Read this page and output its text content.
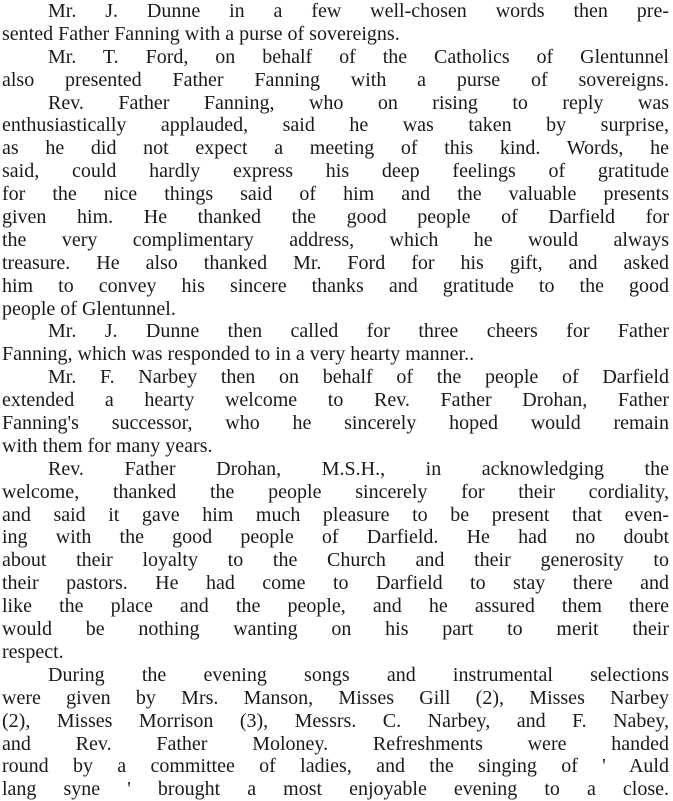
Mr. J. Dunne in a few well-chosen words then pre-
sented Father Fanning with a purse of sovereigns.
Mr. T. Ford, on behalf of the Catholics of Glentunnel
also presented Father Fanning with a purse of sovereigns.
Rev. Father Fanning, who on rising to reply was
enthusiastically applauded, said he was taken by surprise,
as he did not expect a meeting of this kind. Words, he
said, could hardly express his deep feelings of gratitude
for the nice things said of him and the valuable presents
given him. He thanked the good people of Darfield for
the very complimentary address, which he would always
treasure. He also thanked Mr. Ford for his gift, and asked
him to convey his sincere thanks and gratitude to the good
people of Glentunnel.
Mr. J. Dunne then called for three cheers for Father
Fanning, which was responded to in a very hearty manner..
Mr. F. Narbey then on behalf of the people of Darfield
extended a hearty welcome to Rev. Father Drohan, Father
Fanning's successor, who he sincerely hoped would remain
with them for many years.
Rev. Father Drohan, M.S.H., in acknowledging the
welcome, thanked the people sincerely for their cordiality,
and said it gave him much pleasure to be present that even-
ing with the good people of Darfield. He had no doubt
about their loyalty to the Church and their generosity to
their pastors. He had come to Darfield to stay there and
like the place and the people, and he assured them there
would be nothing wanting on his part to merit their
respect.
During the evening songs and instrumental selections
were given by Mrs. Manson, Misses Gill (2), Misses Narbey
(2), Misses Morrison (3), Messrs. C. Narbey, and F. Nabey,
and Rev. Father Moloney. Refreshments were handed
round by a committee of ladies, and the singing of ' Auld
lang syne ' brought a most enjoyable evening to a close.
